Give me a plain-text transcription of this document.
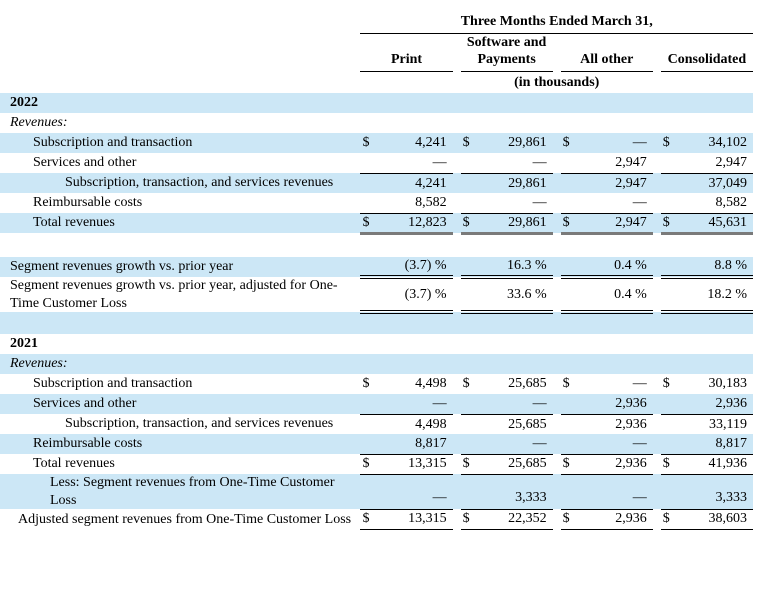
	Three Months Ended March 31,						
	Print		Software and Payments		All other		Consolidated
	(in thousands)						
2022							
Revenues:							
Subscription and transaction	$ 4,241		$ 29,861		$ —		$ 34,102

Services and other	—		—		2,947		2,947

Subscription, transaction, and services revenues	4,241		29,861		2,947		37,049

Reimbursable costs	8,582		—		—		8,582

Total revenues	$ 12,823		$ 29,861		$ 2,947		$ 45,631

Segment revenues growth vs. prior year	(3.7) %		16.3 %		0.4 %		8.8 %

Segment revenues growth vs. prior year, adjusted for One-Time Customer Loss	(3.7) %		33.6 %		0.4 %		18.2 %

2021							
Revenues:							
Subscription and transaction	$ 4,498		$ 25,685		$ —		$ 30,183

Services and other	—		—		2,936		2,936

Subscription, transaction, and services revenues	4,498		25,685		2,936		33,119

Reimbursable costs	8,817		—		—		8,817

Total revenues	$ 13,315		$ 25,685		$ 2,936		$ 41,936

Less: Segment revenues from One-Time Customer Loss	—		3,333		—		3,333

Adjusted segment revenues from One-Time Customer Loss	$ 13,315		$ 22,352		$ 2,936		$ 38,603
